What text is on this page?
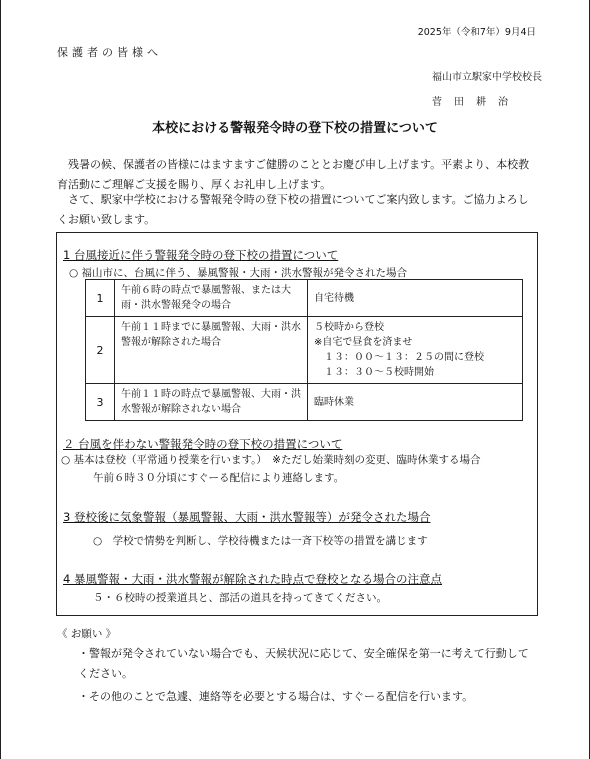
2025年（令和7年）9月4日
保護者の皆様へ
福山市立駅家中学校校長
菅田耕治
本校における警報発令時の登下校の措置について
残暑の候、保護者の皆様にはますますご健勝のこととお慶び申し上げます。平素より、本校教育活動にご理解ご支援を賜り、厚くお礼申し上げます。
さて、駅家中学校における警報発令時の登下校の措置についてご案内致します。ご協力よろしくお願い致します。
1 台風接近に伴う警報発令時の登下校の措置について
○ 福山市に、台風に伴う、暴風警報・大雨・洪水警報が発令された場合
1	午前６時の時点で暴風警報、または大雨・洪水警報発令の場合	自宅待機

2	午前１１時までに暴風警報、大雨・洪水警報が解除された場合	５校時から登校
※自宅で昼食を済ませ
　１３：００～１３：２５の間に登校
　１３：３０～５校時開始

3	午前１１時の時点で暴風警報、大雨・洪水警報が解除されない場合	臨時休業
２ 台風を伴わない警報発令時の登下校の措置について
○ 基本は登校（平常通り授業を行います。）　※ただし始業時刻の変更、臨時休業する場合
午前６時３０分頃にすぐーる配信により連絡します。
3 登校後に気象警報（暴風警報、大雨・洪水警報等）が発令された場合
○　学校で情勢を判断し、学校待機または一斉下校等の措置を講じます
4 暴風警報・大雨・洪水警報が解除された時点で登校となる場合の注意点
５・６校時の授業道具と、部活の道具を持ってきてください。
《 お願い 》
・警報が発令されていない場合でも、天候状況に応じて、安全確保を第一に考えて行動してください。
・その他のことで急遽、連絡等を必要とする場合は、すぐーる配信を行います。
